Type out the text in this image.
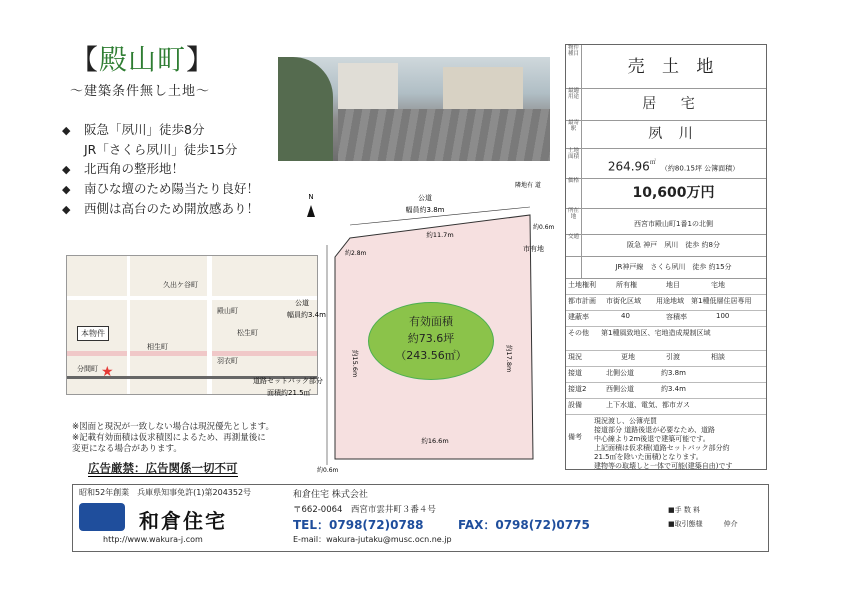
【殿山町】
～建築条件無し土地～
◆ 阪急「夙川」徒歩8分
JR「さくら夙川」徒歩15分
◆ 北西角の整形地！
◆ 南ひな壇のため陽当たり良好！
◆ 西側は高台のため開放感あり！
久出ケ谷町
殿山町
松生町
羽衣町
相生町
分間町
本物件
★
※図面と現況が一致しない場合は現況優先とします。
※記載有効面積は仮求積図によるため、再測量後に
変更になる場合があります。
広告厳禁：広告関係一切不可
N	公道
幅員約3.8m
約0.6m
約11.7m
約2.8m
市有地
隣地有 道
公道
幅員約3.4m
約15.6m	約17.8m
約16.6m
約0.6m
道路セットバック部分
面積約21.5㎡
有効面積
約73.6坪
（243.56㎡）
物件種目
売 土 地
最適用途	居 宅
最寄駅	夙 川
土地面積
264.96㎡ （約80.15坪 公簿面積）
価格
10,600万円
所在地
西宮市殿山町1番1の北側
交通
阪急 神戸　 夙川　 徒歩 約8分
JR神戸線　 さくら夙川　 徒歩 約15分
土地権利	所有権	地目	宅地
都市計画 市街化区域 用途地域 第1種低層住居専用
建蔽率	40	容積率	100
その他 第1種風致地区、宅地造成規制区域
現況	更地	引渡	相談
接道	北側公道	約3.8m
接道2	西側公道	約3.4m
設備	上下水道、電気、都市ガス
備考
現況渡し、公簿売買
接道部分 道路後退が必要なため、道路
中心線より2m後退で建築可能です。
上記面積は仮求積(道路セットバック部分約
21.5㎡を除いた面積)となります。
建物等の取壊しと一体で可能(建築自由)です
昭和52年創業　兵庫県知事免許(1)第204352号	和倉住宅 株式会社
和倉住宅
http://www.wakura-j.com
〒662-0064　西宮市雲井町３番４号
TEL：0798(72)0788	FAX：0798(72)0775
E-mail：wakura-jutaku@musc.ocn.ne.jp
■手 数 料
■取引態様　　　仲介
